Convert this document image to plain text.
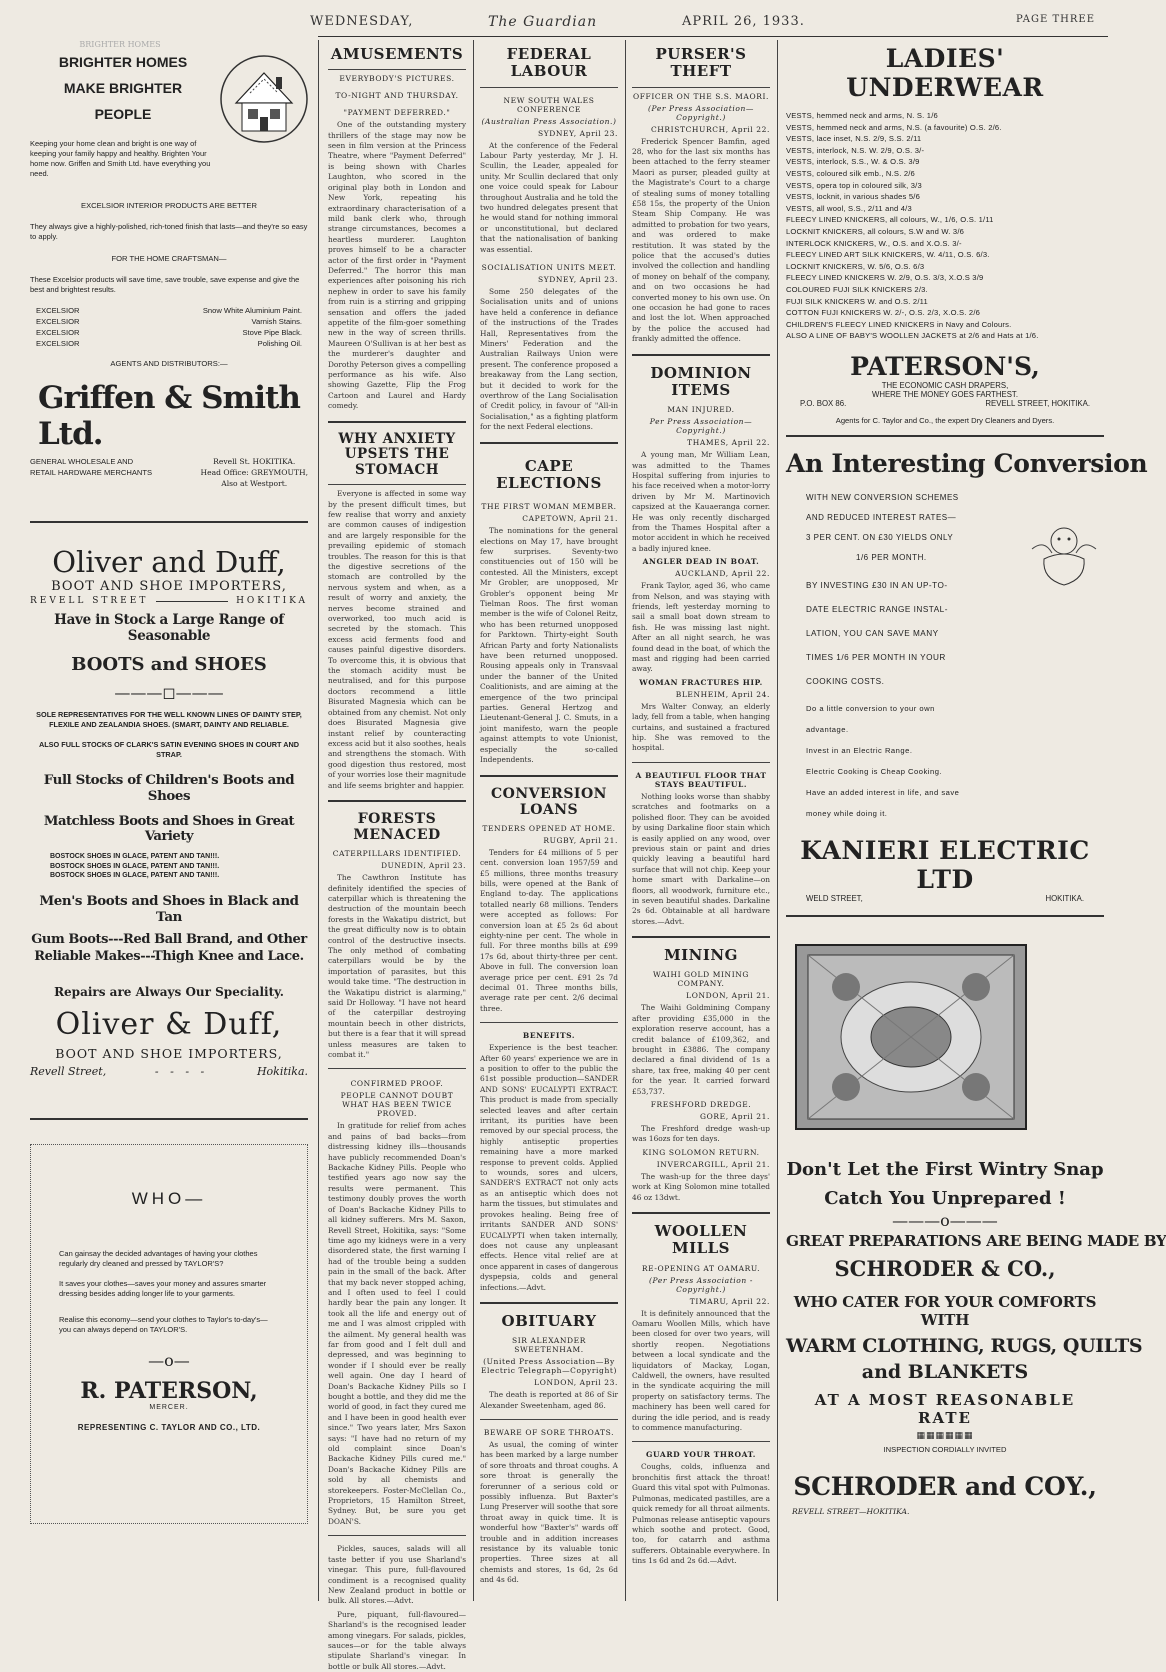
WEDNESDAY,	The Guardian	APRIL 26, 1933.	PAGE THREE
BRIGHTER HOMES
BRIGHTER HOMES
MAKE BRIGHTER
PEOPLE
Keeping your home clean and bright is one way of keeping your family happy and healthy. Brighten Your home now. Griffen and Smith Ltd. have everything you need.
EXCELSIOR INTERIOR PRODUCTS ARE BETTER
They always give a highly-polished, rich-toned finish that lasts—and they're so easy to apply.
FOR THE HOME CRAFTSMAN—
These Excelsior products will save time, save trouble, save expense and give the best and brightest results.
EXCELSIOR	Snow White Aluminium Paint.
EXCELSIOR	Varnish Stains.
EXCELSIOR	Stove Pipe Black.
EXCELSIOR	Polishing Oil.
AGENTS AND DISTRIBUTORS:—
Griffen & Smith Ltd.
GENERAL WHOLESALE AND
RETAIL HARDWARE MERCHANTS
Revell St. HOKITIKA.
Head Office: GREYMOUTH,
Also at Westport.
Oliver and Duff,
BOOT AND SHOE IMPORTERS,
REVELL STREET	HOKITIKA
Have in Stock a Large Range of Seasonable
BOOTS and SHOES
———◻———
SOLE REPRESENTATIVES FOR THE WELL KNOWN LINES OF DAINTY STEP, FLEXILE AND ZEALANDIA SHOES. (SMART, DAINTY AND RELIABLE.
ALSO FULL STOCKS OF CLARK'S SATIN EVENING SHOES IN COURT AND STRAP.
Full Stocks of Children's Boots and Shoes
Matchless Boots and Shoes in Great Variety
BOSTOCK SHOES IN GLACE, PATENT AND TAN!!!.
BOSTOCK SHOES IN GLACE, PATENT AND TAN!!!.
BOSTOCK SHOES IN GLACE, PATENT AND TAN!!!.
Men's Boots and Shoes in Black and Tan
Gum Boots---Red Ball Brand, and Other Reliable Makes---Thigh Knee and Lace.
Repairs are Always Our Speciality.
Oliver & Duff,
BOOT AND SHOE IMPORTERS,
Revell Street,	- - - -	Hokitika.
WHO—
Can gainsay the decided advantages of having your clothes regularly dry cleaned and pressed by TAYLOR'S?
It saves your clothes—saves your money and assures smarter dressing besides adding longer life to your garments.
Realise this economy—send your clothes to Taylor's to-day's—you can always depend on TAYLOR'S.
—o—
R. PATERSON,
MERCER.
REPRESENTING C. TAYLOR AND CO., LTD.
AMUSEMENTS
EVERYBODY'S PICTURES.
TO-NIGHT AND THURSDAY.
"PAYMENT DEFERRED."
One of the outstanding mystery thrillers of the stage may now be seen in film version at the Princess Theatre, where "Payment Deferred" is being shown with Charles Laughton, who scored in the original play both in London and New York, repeating his extraordinary characterisation of a mild bank clerk who, through strange circumstances, becomes a heartless murderer. Laughton proves himself to be a character actor of the first order in "Payment Deferred." The horror this man experiences after poisoning his rich nephew in order to save his family from ruin is a stirring and gripping sensation and offers the jaded appetite of the film-goer something new in the way of screen thrills. Maureen O'Sullivan is at her best as the murderer's daughter and Dorothy Peterson gives a compelling performance as his wife. Also showing Gazette, Flip the Frog Cartoon and Laurel and Hardy comedy.
WHY ANXIETY UPSETS THE STOMACH
Everyone is affected in some way by the present difficult times, but few realise that worry and anxiety are common causes of indigestion and are largely responsible for the prevailing epidemic of stomach troubles. The reason for this is that the digestive secretions of the stomach are controlled by the nervous system and when, as a result of worry and anxiety, the nerves become strained and overworked, too much acid is secreted by the stomach. This excess acid ferments food and causes painful digestive disorders. To overcome this, it is obvious that the stomach acidity must be neutralised, and for this purpose doctors recommend a little Bisurated Magnesia which can be obtained from any chemist. Not only does Bisurated Magnesia give instant relief by counteracting excess acid but it also soothes, heals and strengthens the stomach. With good digestion thus restored, most of your worries lose their magnitude and life seems brighter and happier.
FORESTS MENACED
CATERPILLARS IDENTIFIED.
DUNEDIN, April 23.
The Cawthron Institute has definitely identified the species of caterpillar which is threatening the destruction of the mountain beech forests in the Wakatipu district, but the great difficulty now is to obtain control of the destructive insects. The only method of combating caterpillars would be by the importation of parasites, but this would take time. "The destruction in the Wakatipu district is alarming," said Dr Holloway. "I have not heard of the caterpillar destroying mountain beech in other districts, but there is a fear that it will spread unless measures are taken to combat it."
CONFIRMED PROOF.
PEOPLE CANNOT DOUBT WHAT HAS BEEN TWICE PROVED.
In gratitude for relief from aches and pains of bad backs—from distressing kidney ills—thousands have publicly recommended Doan's Backache Kidney Pills. People who testified years ago now say the results were permanent. This testimony doubly proves the worth of Doan's Backache Kidney Pills to all kidney sufferers. Mrs M. Saxon, Revell Street, Hokitika, says: "Some time ago my kidneys were in a very disordered state, the first warning I had of the trouble being a sudden pain in the small of the back. After that my back never stopped aching, and I often used to feel I could hardly bear the pain any longer. It took all the life and energy out of me and I was almost crippled with the ailment. My general health was far from good and I felt dull and depressed, and was beginning to wonder if I should ever be really well again. One day I heard of Doan's Backache Kidney Pills so I bought a bottle, and they did me the world of good, in fact they cured me and I have been in good health ever since." Two years later, Mrs Saxon says: "I have had no return of my old complaint since Doan's Backache Kidney Pills cured me." Doan's Backache Kidney Pills are sold by all chemists and storekeepers. Foster-McClellan Co., Proprietors, 15 Hamilton Street, Sydney. But, be sure you get DOAN'S.
Pickles, sauces, salads will all taste better if you use Sharland's vinegar. This pure, full-flavoured condiment is a recognised quality New Zealand product in bottle or bulk. All stores.—Advt.
Pure, piquant, full-flavoured—Sharland's is the recognised leader among vinegars. For salads, pickles, sauces—or for the table always stipulate Sharland's vinegar. In bottle or bulk All stores.—Advt.
FEDERAL LABOUR
NEW SOUTH WALES CONFERENCE
(Australian Press Association.)
SYDNEY, April 23.
At the conference of the Federal Labour Party yesterday, Mr J. H. Scullin, the Leader, appealed for unity. Mr Scullin declared that only one voice could speak for Labour throughout Australia and he told the two hundred delegates present that he would stand for nothing immoral or unconstitutional, but declared that the nationalisation of banking was essential.
SOCIALISATION UNITS MEET.
SYDNEY, April 23.
Some 250 delegates of the Socialisation units and of unions have held a conference in defiance of the instructions of the Trades Hall, Representatives from the Miners' Federation and the Australian Railways Union were present. The conference proposed a breakaway from the Lang section, but it decided to work for the overthrow of the Lang Socialisation of Credit policy, in favour of "All-in Socialisation," as a fighting platform for the next Federal elections.
CAPE ELECTIONS
THE FIRST WOMAN MEMBER.
CAPETOWN, April 21.
The nominations for the general elections on May 17, have brought few surprises. Seventy-two constituencies out of 150 will be contested. All the Ministers, except Mr Grobler, are unopposed, Mr Grobler's opponent being Mr Tielman Roos. The first woman member is the wife of Colonel Reitz, who has been returned unopposed for Parktown. Thirty-eight South African Party and forty Nationalists have been returned unopposed. Rousing appeals only in Transvaal under the banner of the United Coalitionists, and are aiming at the emergence of the two principal parties. General Hertzog and Lieutenant-General J. C. Smuts, in a joint manifesto, warn the people against attempts to vote Unionist, especially the so-called Independents.
CONVERSION LOANS
TENDERS OPENED AT HOME.
RUGBY, April 21.
Tenders for £4 millions of 5 per cent. conversion loan 1957/59 and £5 millions, three months treasury bills, were opened at the Bank of England to-day. The applications totalled nearly 68 millions. Tenders were accepted as follows: For conversion loan at £5 2s 6d about eighty-nine per cent. The whole in full. For three months bills at £99 17s 6d, about thirty-three per cent. Above in full. The conversion loan average price per cent. £91 2s 7d decimal 01. Three months bills, average rate per cent. 2/6 decimal three.
BENEFITS.
Experience is the best teacher. After 60 years' experience we are in a position to offer to the public the 61st possible production—SANDER AND SONS' EUCALYPTI EXTRACT. This product is made from specially selected leaves and after certain irritant, its purities have been removed by our special process, the highly antiseptic properties remaining have a more marked response to prevent colds. Applied to wounds, sores and ulcers, SANDER'S EXTRACT not only acts as an antiseptic which does not harm the tissues, but stimulates and provokes healing. Being free of irritants SANDER AND SONS' EUCALYPTI when taken internally, does not cause any unpleasant effects. Hence vital relief are at once apparent in cases of dangerous dyspepsia, colds and general infections.—Advt.
OBITUARY
SIR ALEXANDER SWEETENHAM.
(United Press Association—By Electric Telegraph—Copyright)
LONDON, April 23.
The death is reported at 86 of Sir Alexander Sweetenham, aged 86.
BEWARE OF SORE THROATS.
As usual, the coming of winter has been marked by a large number of sore throats and throat coughs. A sore throat is generally the forerunner of a serious cold or possibly influenza. But Baxter's Lung Preserver will soothe that sore throat away in quick time. It is wonderful how "Baxter's" wards off trouble and in addition increases resistance by its valuable tonic properties. Three sizes at all chemists and stores, 1s 6d, 2s 6d and 4s 6d.
PURSER'S THEFT
OFFICER ON THE S.S. MAORI.
(Per Press Association— Copyright.)
CHRISTCHURCH, April 22.
Frederick Spencer Bamfin, aged 28, who for the last six months has been attached to the ferry steamer Maori as purser, pleaded guilty at the Magistrate's Court to a charge of stealing sums of money totalling £58 15s, the property of the Union Steam Ship Company. He was admitted to probation for two years, and was ordered to make restitution. It was stated by the police that the accused's duties involved the collection and handling of money on behalf of the company, and on two occasions he had converted money to his own use. On one occasion he had gone to races and lost the lot. When approached by the police the accused had frankly admitted the offence.
DOMINION ITEMS
MAN INJURED.
Per Press Association— Copyright.)
THAMES, April 22.
A young man, Mr William Lean, was admitted to the Thames Hospital suffering from injuries to his face received when a motor-lorry driven by Mr M. Martinovich capsized at the Kauaeranga corner. He was only recently discharged from the Thames Hospital after a motor accident in which he received a badly injured knee.
ANGLER DEAD IN BOAT.
AUCKLAND, April 22.
Frank Taylor, aged 36, who came from Nelson, and was staying with friends, left yesterday morning to sail a small boat down stream to fish. He was missing last night. After an all night search, he was found dead in the boat, of which the mast and rigging had been carried away.
WOMAN FRACTURES HIP.
BLENHEIM, April 24.
Mrs Walter Conway, an elderly lady, fell from a table, when hanging curtains, and sustained a fractured hip. She was removed to the hospital.
A BEAUTIFUL FLOOR THAT STAYS BEAUTIFUL.
Nothing looks worse than shabby scratches and footmarks on a polished floor. They can be avoided by using Darkaline floor stain which is easily applied on any wood, over previous stain or paint and dries quickly leaving a beautiful hard surface that will not chip. Keep your home smart with Darkaline—on floors, all woodwork, furniture etc., in seven beautiful shades. Darkaline 2s 6d. Obtainable at all hardware stores.—Advt.
MINING
WAIHI GOLD MINING COMPANY.
LONDON, April 21.
The Waihi Goldmining Company after providing £35,000 in the exploration reserve account, has a credit balance of £109,362, and brought in £3886. The company declared a final dividend of 1s a share, tax free, making 40 per cent for the year. It carried forward £53,737.
FRESHFORD DREDGE.
GORE, April 21.
The Freshford dredge wash-up was 16ozs for ten days.
KING SOLOMON RETURN.
INVERCARGILL, April 21.
The wash-up for the three days' work at King Solomon mine totalled 46 oz 13dwt.
WOOLLEN MILLS
RE-OPENING AT OAMARU.
(Per Press Association - Copyright.)
TIMARU, April 22.
It is definitely announced that the Oamaru Woollen Mills, which have been closed for over two years, will shortly reopen. Negotiations between a local syndicate and the liquidators of Mackay, Logan, Caldwell, the owners, have resulted in the syndicate acquiring the mill property on satisfactory terms. The machinery has been well cared for during the idle period, and is ready to commence manufacturing.
GUARD YOUR THROAT.
Coughs, colds, influenza and bronchitis first attack the throat! Guard this vital spot with Pulmonas. Pulmonas, medicated pastilles, are a quick remedy for all throat ailments. Pulmonas release antiseptic vapours which soothe and protect. Good, too, for catarrh and asthma sufferers. Obtainable everywhere. In tins 1s 6d and 2s 6d.—Advt.
LADIES' UNDERWEAR
VESTS, hemmed neck and arms, N. S. 1/6
VESTS, hemmed neck and arms, N.S. (a favourite) O.S. 2/6.
VESTS, lace inset, N.S. 2/9, S.S. 2/11
VESTS, interlock, N.S. W. 2/9, O.S. 3/-
VESTS, interlock, S.S., W. & O.S. 3/9
VESTS, coloured silk emb., N.S. 2/6
VESTS, opera top in coloured silk, 3/3
VESTS, locknit, in various shades 5/6
VESTS, all wool, S.S., 2/11 and 4/3
FLEECY LINED KNICKERS, all colours, W., 1/6, O.S. 1/11
LOCKNIT KNICKERS, all colours, S.W and W. 3/6
INTERLOCK KNICKERS, W., O.S. and X.O.S. 3/-
FLEECY LINED ART SILK KNICKERS, W. 4/11, O.S. 6/3.
LOCKNIT KNICKERS, W. 5/6, O.S. 6/3
FLEECY LINED KNICKERS W. 2/9, O.S. 3/3, X.O.S 3/9
COLOURED FUJI SILK KNICKERS 2/3.
FUJI SILK KNICKERS W. and O.S. 2/11
COTTON FUJI KNICKERS W. 2/-, O.S. 2/3, X.O.S. 2/6
CHILDREN'S FLEECY LINED KNICKERS in Navy and Colours.
ALSO A LINE OF BABY'S WOOLLEN JACKETS at 2/6 and Hats at 1/6.
PATERSON'S,
THE ECONOMIC CASH DRAPERS,
WHERE THE MONEY GOES FARTHEST.
P.O. BOX 86.	REVELL STREET, HOKITIKA.
Agents for C. Taylor and Co., the expert Dry Cleaners and Dyers.
An Interesting Conversion
WITH NEW CONVERSION SCHEMES
AND REDUCED INTEREST RATES—
3 PER CENT. ON £30 YIELDS ONLY
1/6 PER MONTH.
BY INVESTING £30 IN AN UP-TO-
DATE ELECTRIC RANGE INSTAL-
LATION, YOU CAN SAVE MANY
TIMES 1/6 PER MONTH IN YOUR
COOKING COSTS.
Do a little conversion to your own
advantage.
Invest in an Electric Range.
Electric Cooking is Cheap Cooking.
Have an added interest in life, and save
money while doing it.
KANIERI ELECTRIC LTD
WELD STREET,	HOKITIKA.
Don't Let the First Wintry Snap
Catch You Unprepared !
———o———
GREAT PREPARATIONS ARE BEING MADE BY
SCHRODER & CO.,
WHO CATER FOR YOUR COMFORTS WITH
WARM CLOTHING, RUGS, QUILTS
and BLANKETS
AT A MOST REASONABLE RATE
▦▦▦▦▦▦
INSPECTION CORDIALLY INVITED
SCHRODER and COY.,
REVELL STREET—HOKITIKA.
